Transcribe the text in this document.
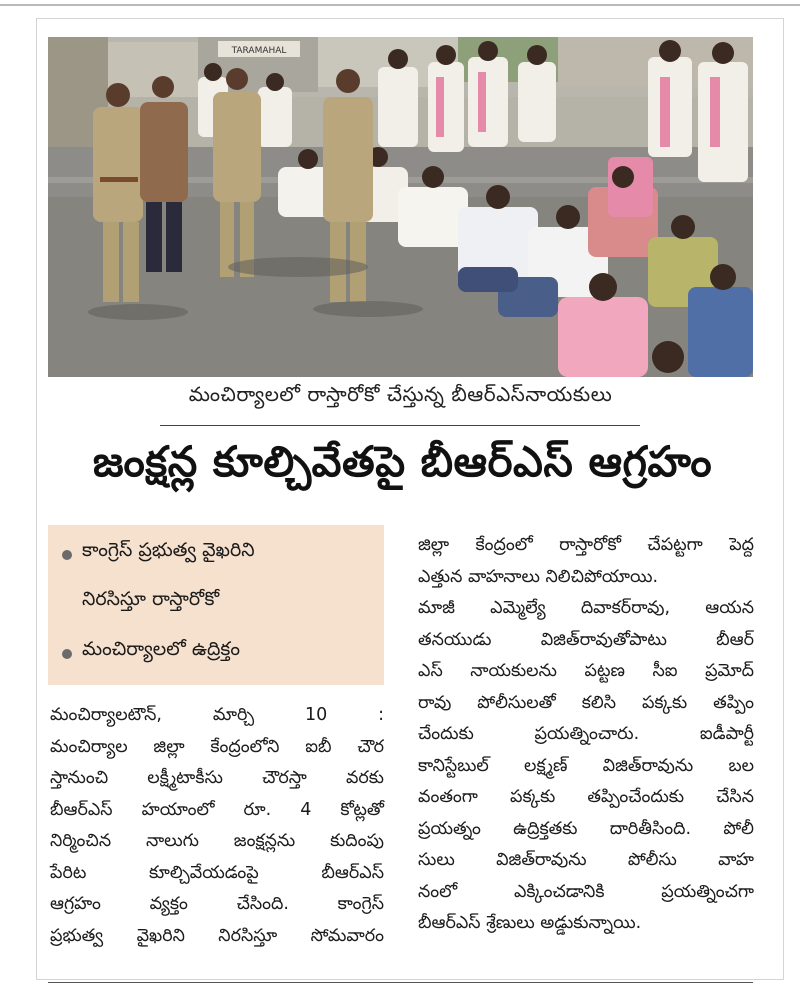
TARAMAHAL
మంచిర్యాలలో రాస్తారోకో చేస్తున్న బీఆర్ఎస్‌నాయకులు
జంక్షన్ల కూల్చివేతపై బీఆర్ఎస్ ఆగ్రహం
కాంగ్రెస్ ప్రభుత్వ వైఖరిని
నిరసిస్తూ రాస్తారోకో
మంచిర్యాలలో ఉద్రిక్తం
మంచిర్యాలటౌన్, మార్చి 10 :
మంచిర్యాల జిల్లా కేంద్రంలోని ఐబీ చౌర
స్తానుంచి లక్ష్మీటాకీసు చౌరస్తా వరకు
బీఆర్ఎస్ హయాంలో రూ. 4 కోట్లతో
నిర్మించిన నాలుగు జంక్షన్లను కుదింపు
పేరిట కూల్చివేయడంపై బీఆర్ఎస్
ఆగ్రహం వ్యక్తం చేసింది. కాంగ్రెస్
ప్రభుత్వ వైఖరిని నిరసిస్తూ సోమవారం
జిల్లా కేంద్రంలో రాస్తారోకో చేపట్టగా పెద్ద
ఎత్తున వాహనాలు నిలిచిపోయాయి.
మాజీ ఎమ్మెల్యే దివాకర్‌రావు, ఆయన
తనయుడు విజిత్‌రావుతోపాటు బీఆర్
ఎస్ నాయకులను పట్టణ సీఐ ప్రమోద్
రావు పోలీసులతో కలిసి పక్కకు తప్పిం
చేందుకు ప్రయత్నించారు. ఐడీపార్టీ
కానిస్టేబుల్ లక్ష్మణ్ విజిత్‌రావును బల
వంతంగా పక్కకు తప్పించేందుకు చేసిన
ప్రయత్నం ఉద్రిక్తతకు దారితీసింది. పోలీ
సులు విజిత్‌రావును పోలీసు వాహ
నంలో ఎక్కించడానికి ప్రయత్నించగా
బీఆర్ఎస్ శ్రేణులు అడ్డుకున్నాయి.
